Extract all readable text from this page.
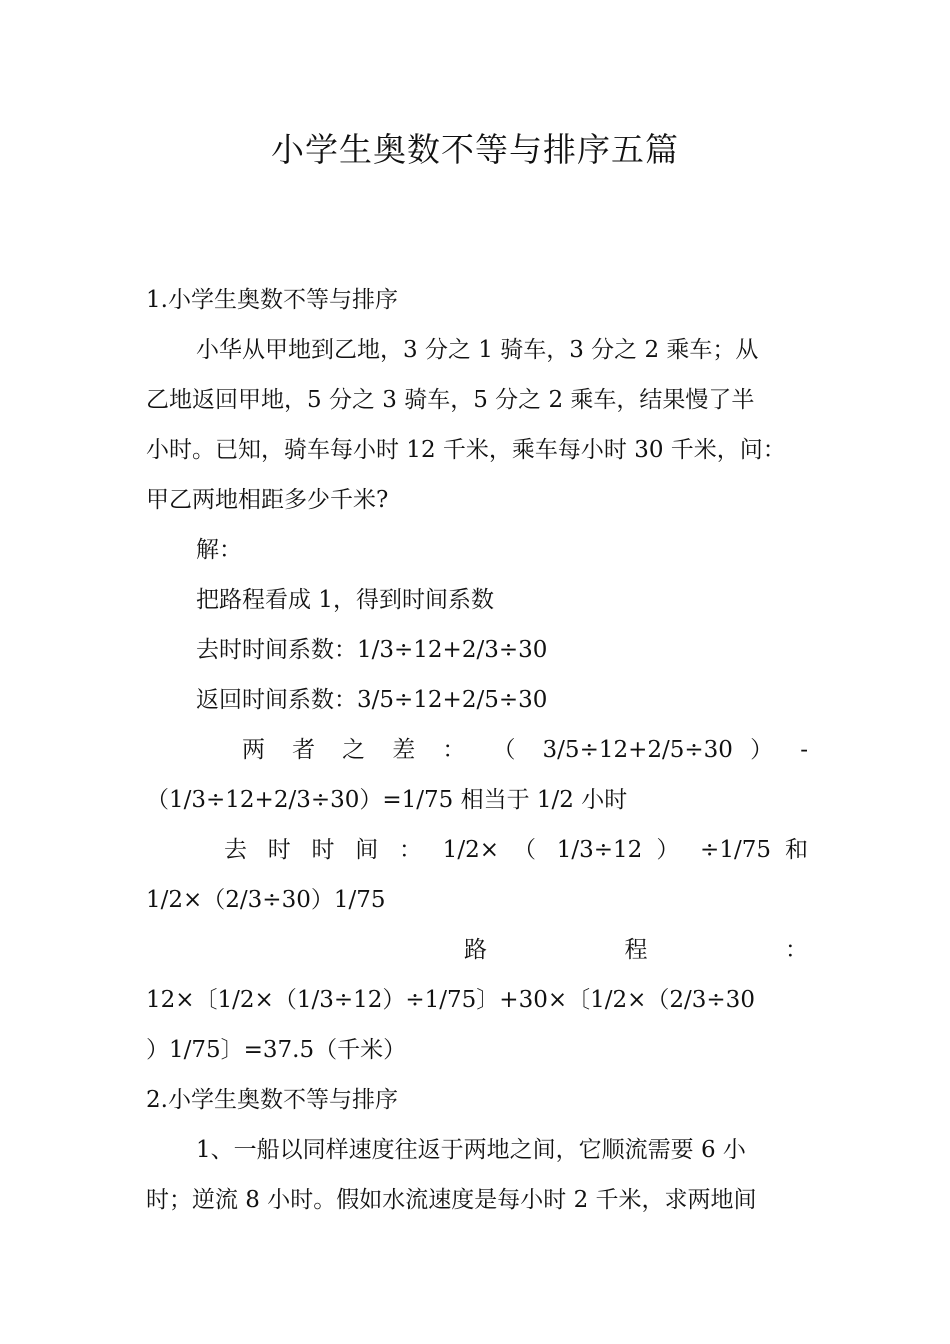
小学生奥数不等与排序五篇
1.小学生奥数不等与排序
小华从甲地到乙地，3 分之 1 骑车，3 分之 2 乘车；从
乙地返回甲地，5 分之 3 骑车，5 分之 2 乘车，结果慢了半
小时。已知，骑车每小时 12 千米，乘车每小时 30 千米，问：
甲乙两地相距多少千米?
解：
把路程看成 1，得到时间系数
去时时间系数：1/3÷12+2/3÷30
返回时间系数：3/5÷12+2/5÷30
两 者 之 差 ： （ 3/5÷12+2/5÷30 ） -
（1/3÷12+2/3÷30）=1/75 相当于 1/2 小时
去 时 时 间 ： 1/2× （ 1/3÷12 ） ÷1/75 和
1/2×（2/3÷30）1/75
路 程 ：
12×〔1/2×（1/3÷12）÷1/75〕+30×〔1/2×（2/3÷30
）1/75〕=37.5（千米）
2.小学生奥数不等与排序
1、一船以同样速度往返于两地之间，它顺流需要 6 小
时；逆流 8 小时。假如水流速度是每小时 2 千米，求两地间
